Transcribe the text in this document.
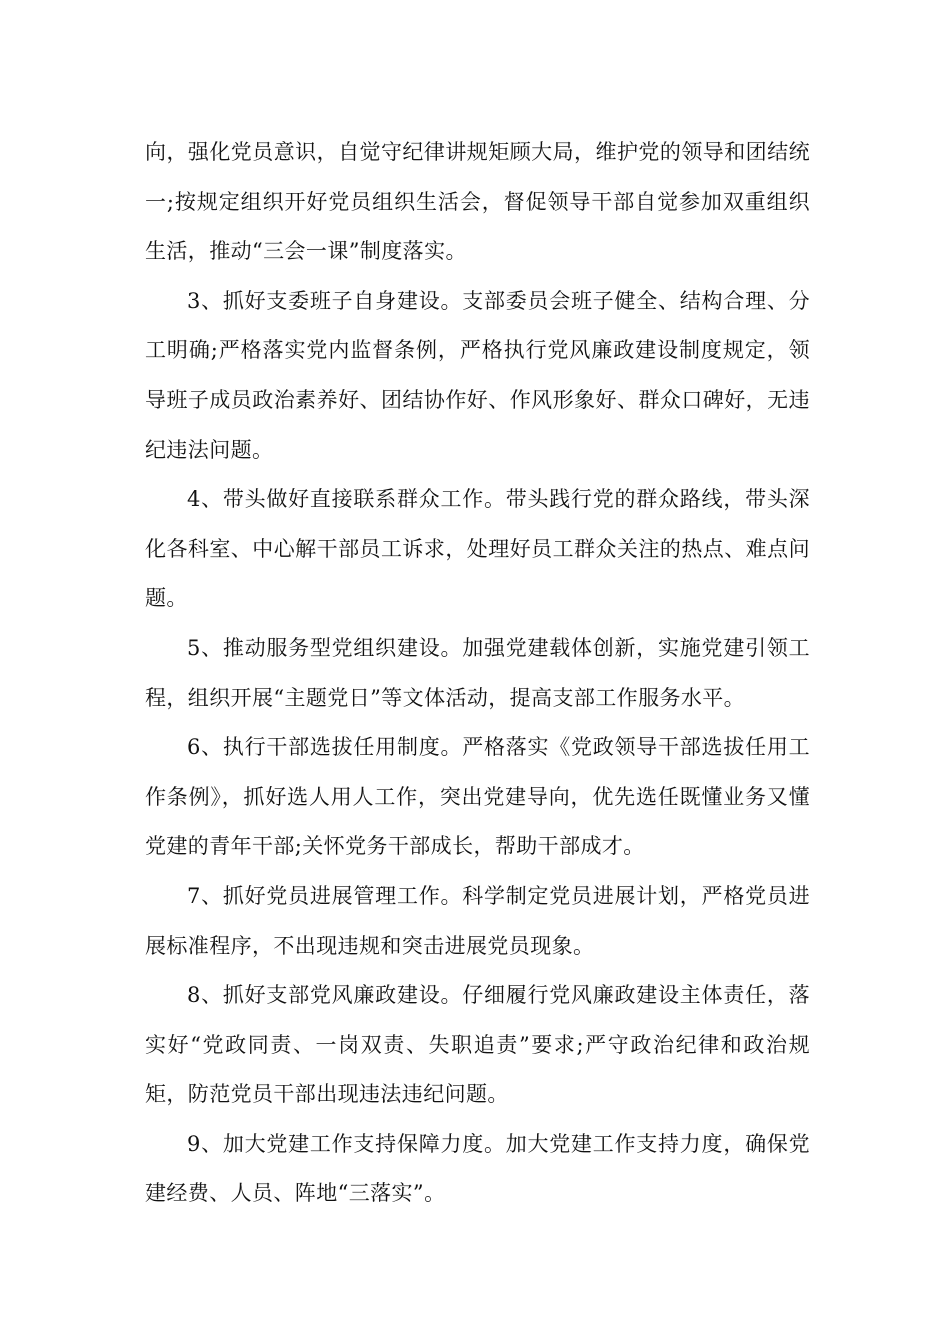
向，强化党员意识，自觉守纪律讲规矩顾大局，维护党的领导和团结统一;按规定组织开好党员组织生活会，督促领导干部自觉参加双重组织生活，推动“三会一课”制度落实。

3、抓好支委班子自身建设。支部委员会班子健全、结构合理、分工明确;严格落实党内监督条例，严格执行党风廉政建设制度规定，领导班子成员政治素养好、团结协作好、作风形象好、群众口碑好，无违纪违法问题。

4、带头做好直接联系群众工作。带头践行党的群众路线，带头深化各科室、中心解干部员工诉求，处理好员工群众关注的热点、难点问题。

5、推动服务型党组织建设。加强党建载体创新，实施党建引领工程，组织开展“主题党日”等文体活动，提高支部工作服务水平。

6、执行干部选拔任用制度。严格落实《党政领导干部选拔任用工作条例》，抓好选人用人工作，突出党建导向，优先选任既懂业务又懂党建的青年干部;关怀党务干部成长，帮助干部成才。

7、抓好党员进展管理工作。科学制定党员进展计划，严格党员进展标准程序，不出现违规和突击进展党员现象。

8、抓好支部党风廉政建设。仔细履行党风廉政建设主体责任，落实好“党政同责、一岗双责、失职追责”要求;严守政治纪律和政治规矩，防范党员干部出现违法违纪问题。

9、加大党建工作支持保障力度。加大党建工作支持力度，确保党建经费、人员、阵地“三落实”。
